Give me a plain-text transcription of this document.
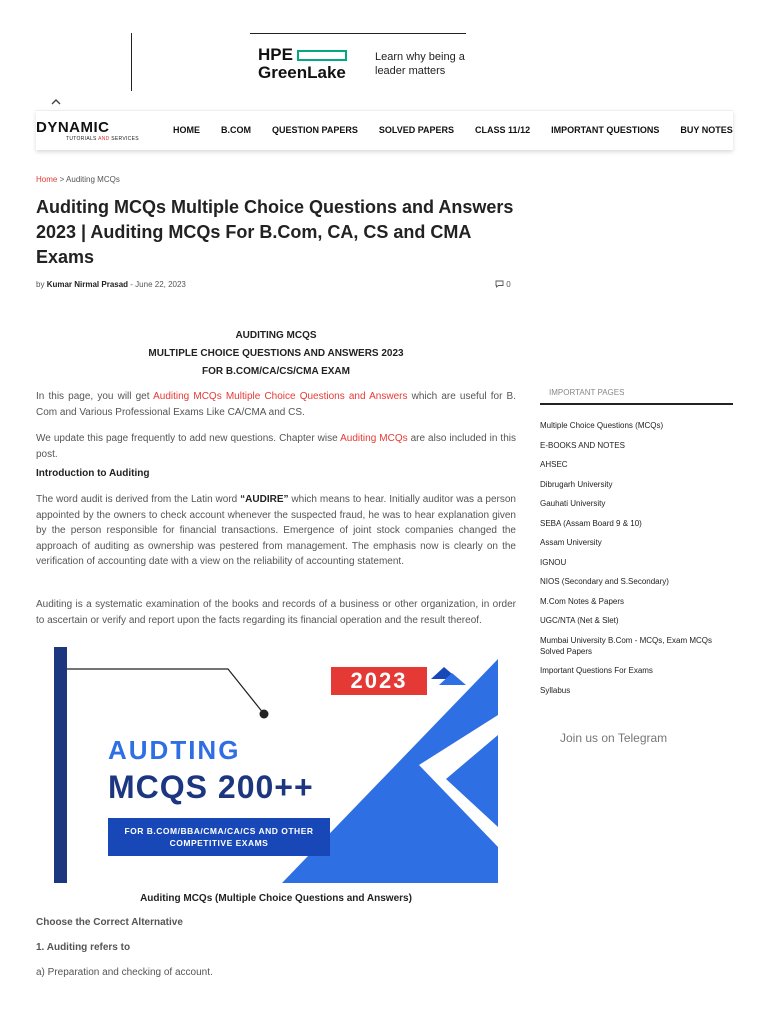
HPE
GreenLake
Learn why being a
leader matters
DYNAMIC
TUTORIALS AND SERVICES
HOME B.COM QUESTION PAPERS SOLVED PAPERS CLASS 11/12 IMPORTANT QUESTIONS BUY NOTES
Home > Auditing MCQs
Auditing MCQs Multiple Choice Questions and Answers 2023 | Auditing MCQs For B.Com, CA, CS and CMA Exams
by Kumar Nirmal Prasad - June 22, 2023	0
AUDITING MCQS
MULTIPLE CHOICE QUESTIONS AND ANSWERS 2023
FOR B.COM/CA/CS/CMA EXAM

In this page, you will get Auditing MCQs Multiple Choice Questions and Answers which are useful for B. Com and Various Professional Exams Like CA/CMA and CS.

We update this page frequently to add new questions. Chapter wise Auditing MCQs are also included in this post.

Introduction to Auditing

The word audit is derived from the Latin word “AUDIRE” which means to hear. Initially auditor was a person appointed by the owners to check account whenever the suspected fraud, he was to hear explanation given by the person responsible for financial transactions. Emergence of joint stock companies changed the approach of auditing as ownership was pestered from management. The emphasis now is clearly on the verification of accounting date with a view on the reliability of accounting statement.

Auditing is a systematic examination of the books and records of a business or other organization, in order to ascertain or verify and report upon the facts regarding its financial operation and the result thereof.

2023
AUDTING
MCQS 200++
FOR B.COM/BBA/CMA/CA/CS AND OTHER
COMPETITIVE EXAMS
Auditing MCQs (Multiple Choice Questions and Answers)
Choose the Correct Alternative
1. Auditing refers to
a) Preparation and checking of account.
IMPORTANT PAGES
Multiple Choice Questions (MCQs)
E-BOOKS AND NOTES
AHSEC
Dibrugarh University
Gauhati University
SEBA (Assam Board 9 & 10)
Assam University
IGNOU
NIOS (Secondary and S.Secondary)
M.Com Notes & Papers
UGC/NTA (Net & Slet)
Mumbai University B.Com - MCQs, Exam MCQs Solved Papers
Important Questions For Exams
Syllabus
Join us on Telegram
